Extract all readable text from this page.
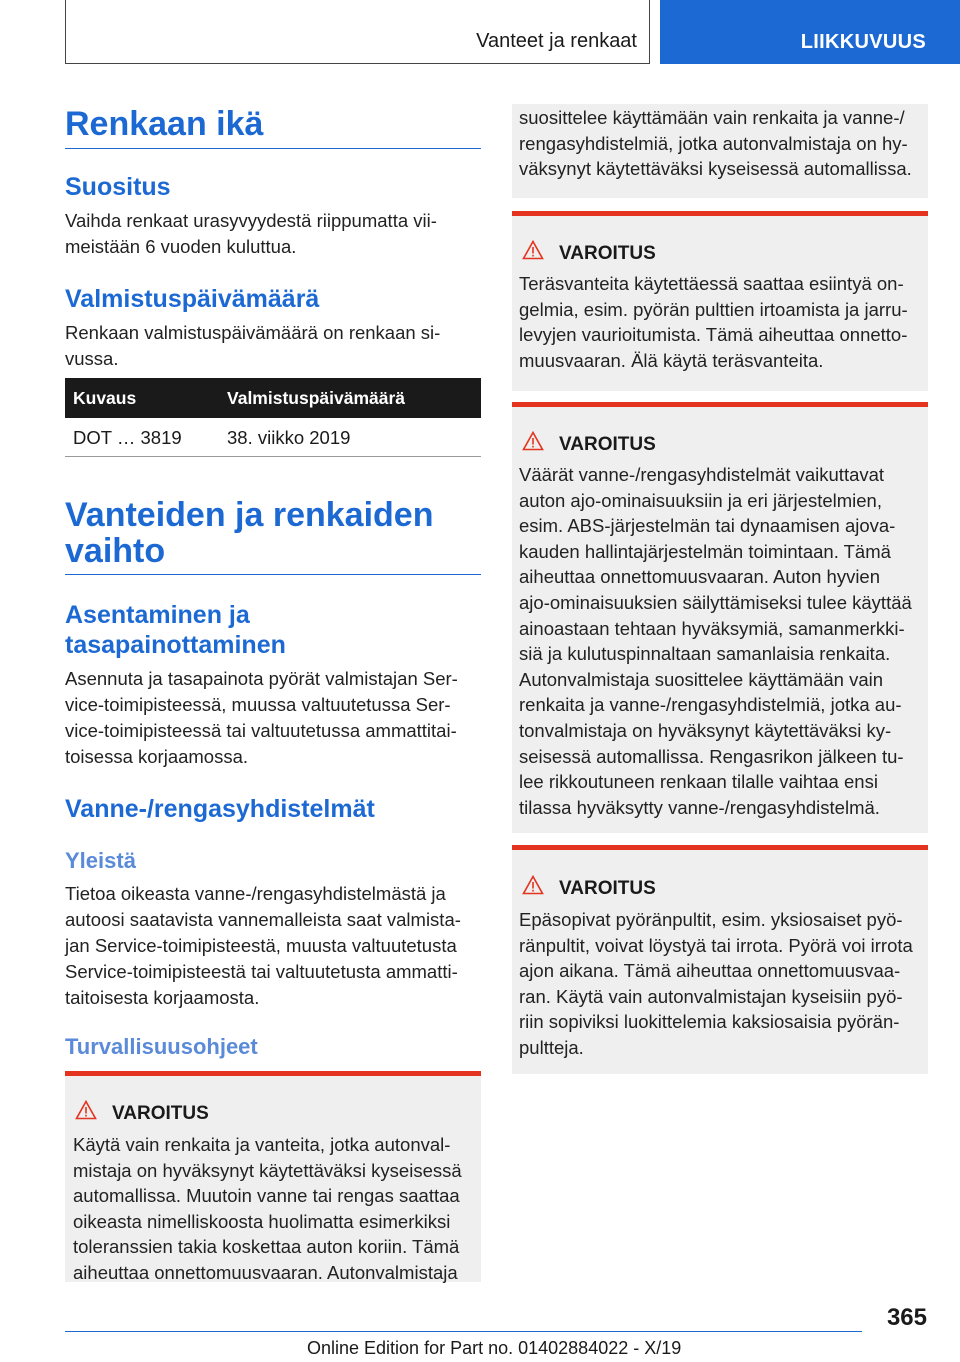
Vanteet ja renkaat	LIIKKUVUUS
Renkaan ikä
Suositus
Vaihda renkaat urasyvyydestä riippumatta vii-
meistään 6 vuoden kuluttua.
Valmistuspäivämäärä
Renkaan valmistuspäivämäärä on renkaan si-
vussa.
Kuvaus	Valmistuspäivämäärä
DOT … 3819 38. viikko 2019
Vanteiden ja renkaiden
vaihto
Asentaminen ja
tasapainottaminen
Asennuta ja tasapainota pyörät valmistajan Ser-
vice-toimipisteessä, muussa valtuutetussa Ser-
vice-toimipisteessä tai valtuutetussa ammattitai-
toisessa korjaamossa.
Vanne-/rengasyhdistelmät
Yleistä
Tietoa oikeasta vanne-/rengasyhdistelmästä ja
autoosi saatavista vannemalleista saat valmista-
jan Service-toimipisteestä, muusta valtuutetusta
Service-toimipisteestä tai valtuutetusta ammatti-
taitoisesta korjaamosta.
Turvallisuusohjeet
VAROITUS
Käytä vain renkaita ja vanteita, jotka autonval-
mistaja on hyväksynyt käytettäväksi kyseisessä
automallissa. Muutoin vanne tai rengas saattaa
oikeasta nimelliskoosta huolimatta esimerkiksi
toleranssien takia koskettaa auton koriin. Tämä
aiheuttaa onnettomuusvaaran. Autonvalmistaja
suosittelee käyttämään vain renkaita ja vanne-/
rengasyhdistelmiä, jotka autonvalmistaja on hy-
väksynyt käytettäväksi kyseisessä automallissa.
VAROITUS
Teräsvanteita käytettäessä saattaa esiintyä on-
gelmia, esim. pyörän pulttien irtoamista ja jarru-
levyjen vaurioitumista. Tämä aiheuttaa onnetto-
muusvaaran. Älä käytä teräsvanteita.
VAROITUS
Väärät vanne-/rengasyhdistelmät vaikuttavat
auton ajo-ominaisuuksiin ja eri järjestelmien,
esim. ABS-järjestelmän tai dynaamisen ajova-
kauden hallintajärjestelmän toimintaan. Tämä
aiheuttaa onnettomuusvaaran. Auton hyvien
ajo-ominaisuuksien säilyttämiseksi tulee käyttää
ainoastaan tehtaan hyväksymiä, samanmerkki-
siä ja kulutuspinnaltaan samanlaisia renkaita.
Autonvalmistaja suosittelee käyttämään vain
renkaita ja vanne-/rengasyhdistelmiä, jotka au-
tonvalmistaja on hyväksynyt käytettäväksi ky-
seisessä automallissa. Rengasrikon jälkeen tu-
lee rikkoutuneen renkaan tilalle vaihtaa ensi
tilassa hyväksytty vanne-/rengasyhdistelmä.
VAROITUS
Epäsopivat pyöränpultit, esim. yksiosaiset pyö-
ränpultit, voivat löystyä tai irrota. Pyörä voi irrota
ajon aikana. Tämä aiheuttaa onnettomuusvaa-
ran. Käytä vain autonvalmistajan kyseisiin pyö-
riin sopiviksi luokittelemia kaksiosaisia pyörän-
pultteja.
365
Online Edition for Part no. 01402884022 - X/19
